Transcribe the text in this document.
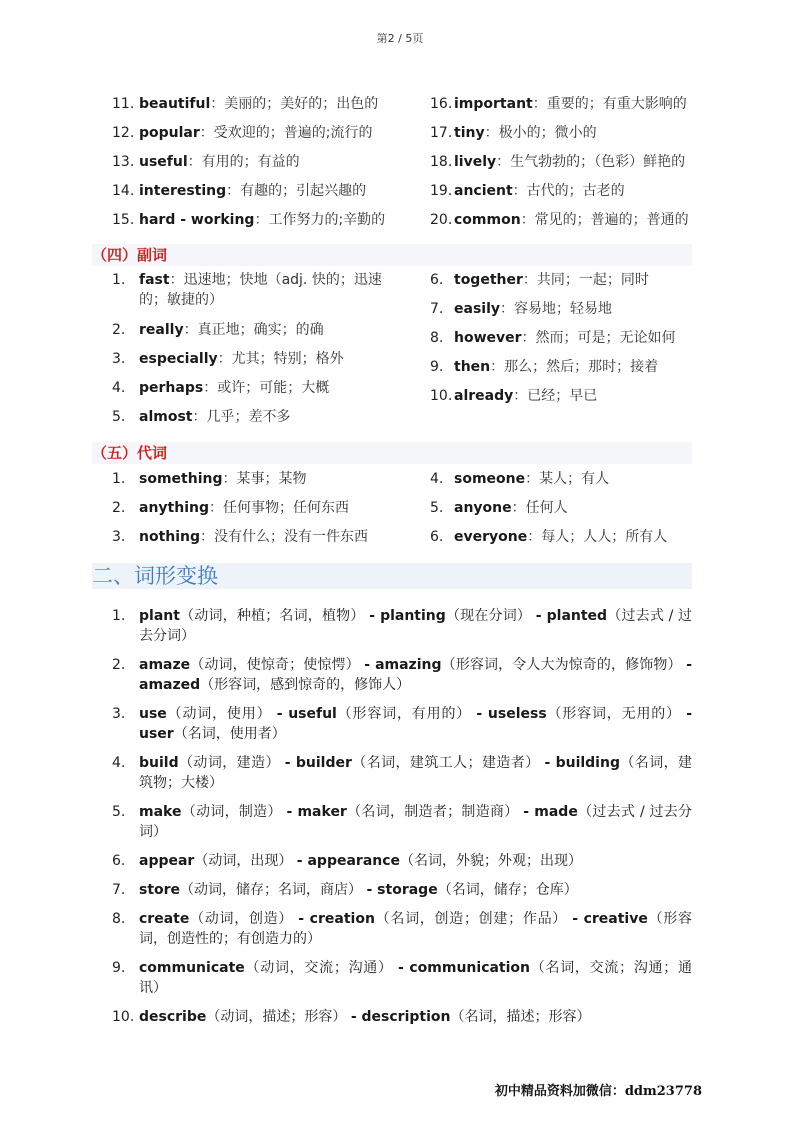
第2 / 5页
11. beautiful：美丽的；美好的；出色的	16. important：重要的；有重大影响的
12. popular：受欢迎的；普遍的;流行的	17. tiny：极小的；微小的
13. useful：有用的；有益的	18. lively：生气勃勃的；（色彩）鲜艳的
14. interesting：有趣的；引起兴趣的	19. ancient：古代的；古老的
15. hard - working：工作努力的;辛勤的	20. common：常见的；普遍的；普通的
（四）副词
1. fast：迅速地；快地（adj. 快的；迅速的；敏捷的）
2. really：真正地；确实；的确
3. especially：尤其；特别；格外
4. perhaps：或许；可能；大概
5. almost：几乎；差不多
6. together：共同；一起；同时
7. easily：容易地；轻易地
8. however：然而；可是；无论如何
9. then：那么；然后；那时；接着
10. already：已经；早已
（五）代词
1. something：某事；某物	4. someone：某人；有人
2. anything：任何事物；任何东西	5. anyone：任何人
3. nothing：没有什么；没有一件东西	6. everyone：每人；人人；所有人
二、词形变换
1. plant（动词，种植；名词，植物） - planting（现在分词） - planted（过去式 / 过去分词）
2. amaze（动词，使惊奇；使惊愕） - amazing（形容词，令人大为惊奇的，修饰物） - amazed（形容词，感到惊奇的，修饰人）
3. use（动词，使用） - useful（形容词，有用的） - useless（形容词，无用的） - user（名词，使用者）
4. build（动词，建造） - builder（名词，建筑工人；建造者） - building（名词，建筑物；大楼）
5. make（动词，制造） - maker（名词，制造者；制造商） - made（过去式 / 过去分词）
6. appear（动词，出现） - appearance（名词，外貌；外观；出现）
7. store（动词，储存；名词，商店） - storage（名词，储存；仓库）
8. create（动词，创造） - creation（名词，创造；创建；作品） - creative（形容词，创造性的；有创造力的）
9. communicate（动词，交流；沟通） - communication（名词，交流；沟通；通讯）
10. describe（动词，描述；形容） - description（名词，描述；形容）
初中精品资料加微信：ddm23778
